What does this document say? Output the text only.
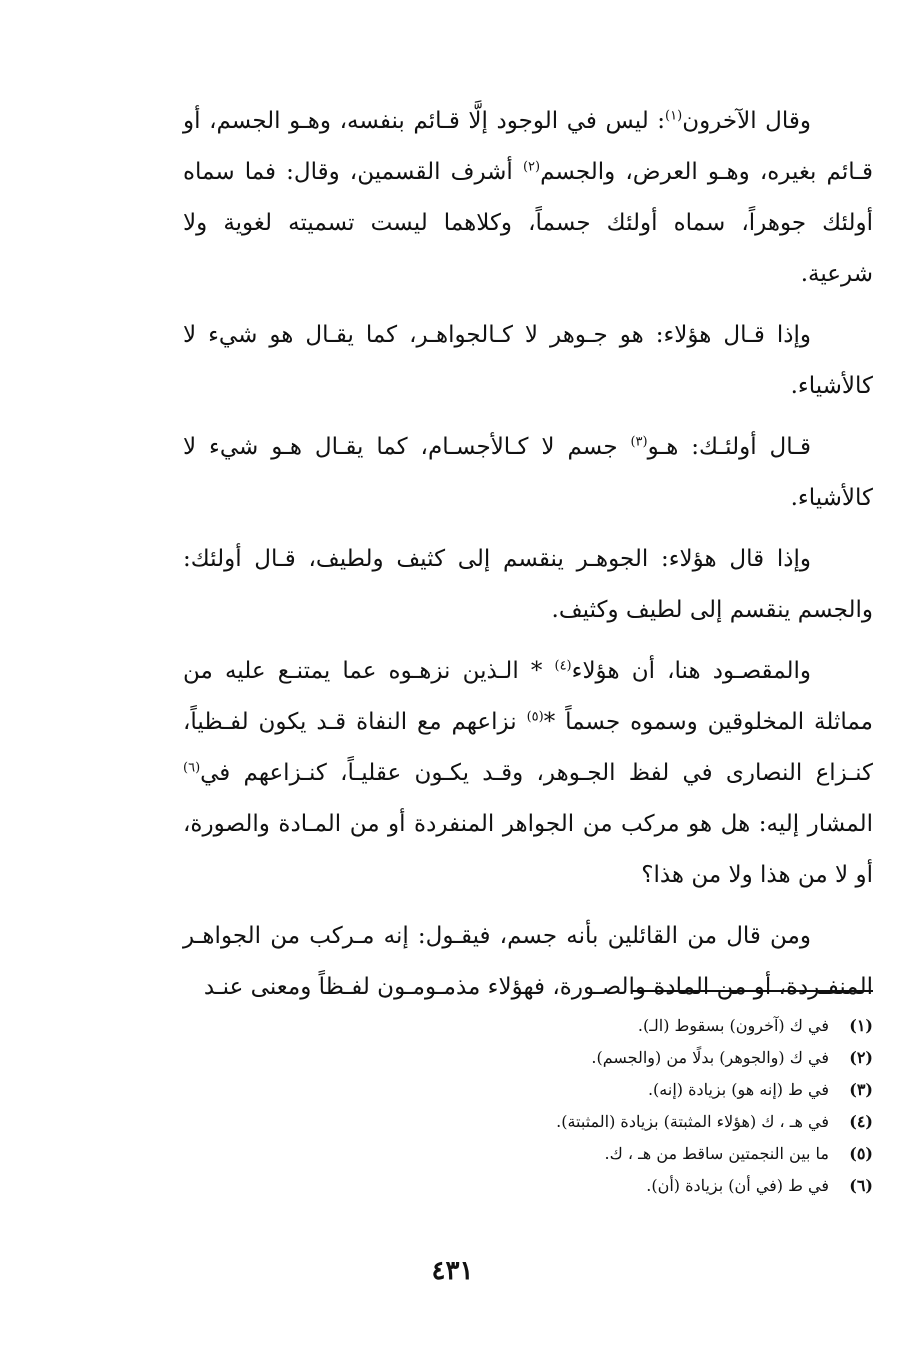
وقال الآخرون$^{(١)}$: ليس في الوجود إلَّا قـائم بنفسه، وهـو الجسم، أو قـائم بغيره، وهـو العرض، والجسم$^{(٢)}$ أشرف القسمين، وقال: فما سماه أولئك جوهراً، سماه أولئك جسماً، وكلاهما ليست تسميته لغوية ولا شرعية.

وإذا قـال هؤلاء: هو جـوهر لا كـالجواهـر، كما يقـال هو شيء لا كالأشياء.

قـال أولئـك: هـو$^{(٣)}$ جسم لا كـالأجسـام، كما يقـال هـو شيء لا كالأشياء.

وإذا قال هؤلاء: الجوهـر ينقسم إلى كثيف ولطيف، قـال أولئك: والجسم ينقسم إلى لطيف وكثيف.

والمقصـود هنا، أن هؤلاء$^{(٤)}$ * الـذين نزهـوه عما يمتنـع عليه من مماثلة المخلوقين وسموه جسماً *$^{(٥)}$ نزاعهم مع النفاة قـد يكون لفـظياً، كنـزاع النصارى في لفظ الجـوهر، وقـد يكـون عقليـاً، كنـزاعهم في$^{(٦)}$ المشار إليه: هل هو مركب من الجواهر المنفردة أو من المـادة والصورة، أو لا من هذا ولا من هذا؟

ومن قال من القائلين بأنه جسم، فيقـول: إنه مـركب من الجواهـر المنفـردة، أو من المادة والصـورة، فهؤلاء مذمـومـون لفـظاً ومعنى عنـد

(١)
في ك (آخرون) بسقوط (الـ).
(٢)
في ك (والجوهر) بدلًا من (والجسم).
(٣)
في ط (إنه هو) بزيادة (إنه).
(٤)
في هـ ، ك (هؤلاء المثبتة) بزيادة (المثبتة).
(٥)
ما بين النجمتين ساقط من هـ ، ك.
(٦)
في ط (في أن) بزيادة (أن).
٤٣١
